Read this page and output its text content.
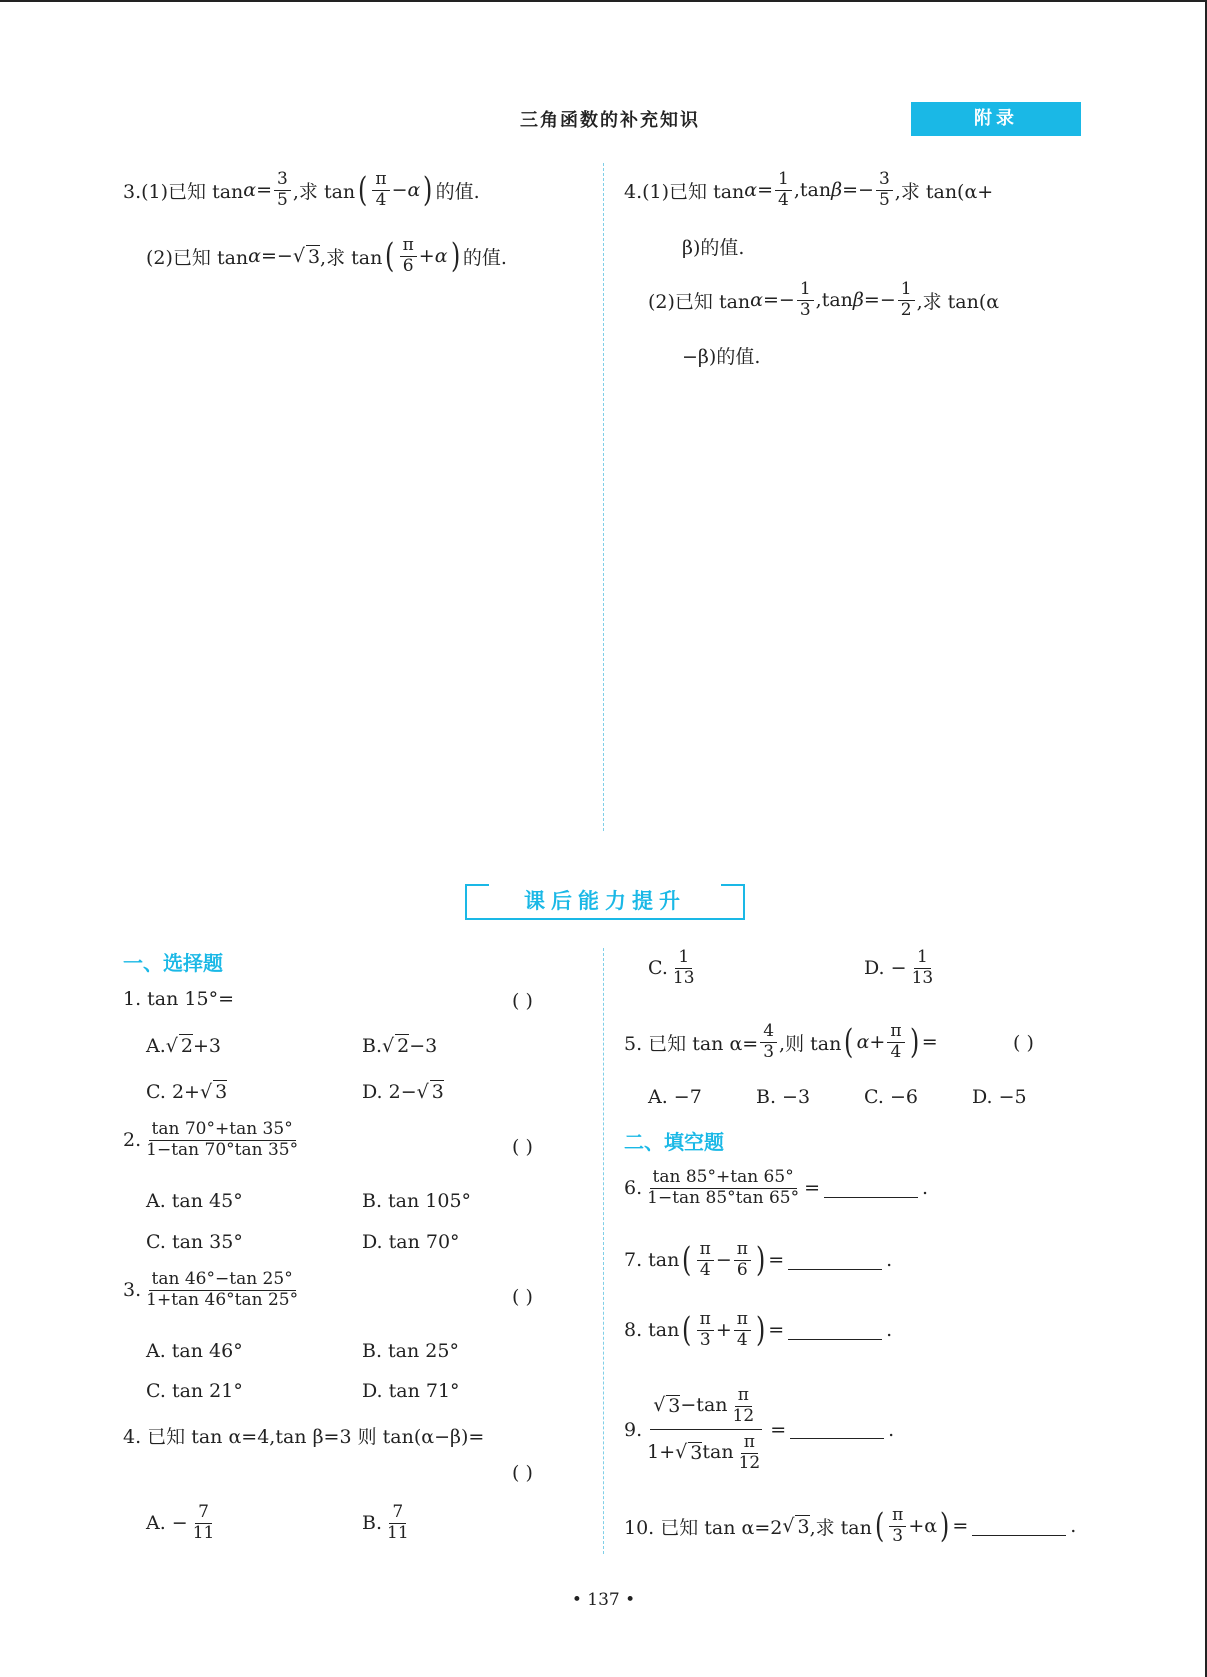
三角函数的补充知识	附录
3.(1)已知 $\tan \alpha = \frac{3}{5}$ ,求 tan ( $\frac{\pi}{4} - \alpha$ ) 的值.
(2)已知 tan α =− √ 3 ,求 tan ( $\frac{\pi}{6} + \alpha$ ) 的值.
4.(1)已知 $\tan \alpha = \frac{1}{4} ,\tan$ $\beta =- \frac{3}{5}$ ,求 tan(α+
β)的值.
(2)已知 $\tan \alpha =- \frac{1}{3} ,\tan$ $\beta =- \frac{1}{2}$ ,求 tan(α
−β)的值.
课后能力提升
一、选择题
1. tan 15°=	( )
A. √ 2 +3	B. √ 2 −3
C. 2+ √ 3	D. 2− √ 3
2. $\frac{\tan 70^\circ+\tan 35^\circ}{1-\tan 70^\circ\tan 35^\circ}$	( )
A. tan 45°	B. tan 105°
C. tan 35°	D. tan 70°
3. $\frac{\tan 46^\circ-\tan 25^\circ}{1+\tan 46^\circ\tan 25^\circ}$	( )
A. tan 46°	B. tan 25°
C. tan 21°	D. tan 71°
4. 已知 tan α=4,tan β=3 则 tan(α−β)=
( )
A. − $\frac{7}{11}$	B. $\frac{7}{11}$
C. $\frac{1}{13}$	D. − $\frac{1}{13}$
5. 已知 $\tan \alpha= \frac{4}{3}$ ,则 tan ( $\alpha+ \frac{\pi}{4}$ ) =	( )
A. −7	B. −3	C. −6	D. −5
二、填空题
6. $\frac{\tan 85^\circ+\tan 65^\circ}{1-\tan 85^\circ\tan 65^\circ}$ =	.
7. tan ( $\frac{\pi}{4} - \frac{\pi}{6}$ ) =	.
8. tan ( $\frac{\pi}{3} + \frac{\pi}{4}$ ) =	.
9. $\frac{√ 3 -\tan \frac{\pi}{12}}{1+ √ 3 \tan \frac{\pi}{12}}$ =	.
10. 已知 tan α=2 √ 3 ,求 tan ( $\frac{\pi}{3} +\alpha$ ) =	.
• 137 •
